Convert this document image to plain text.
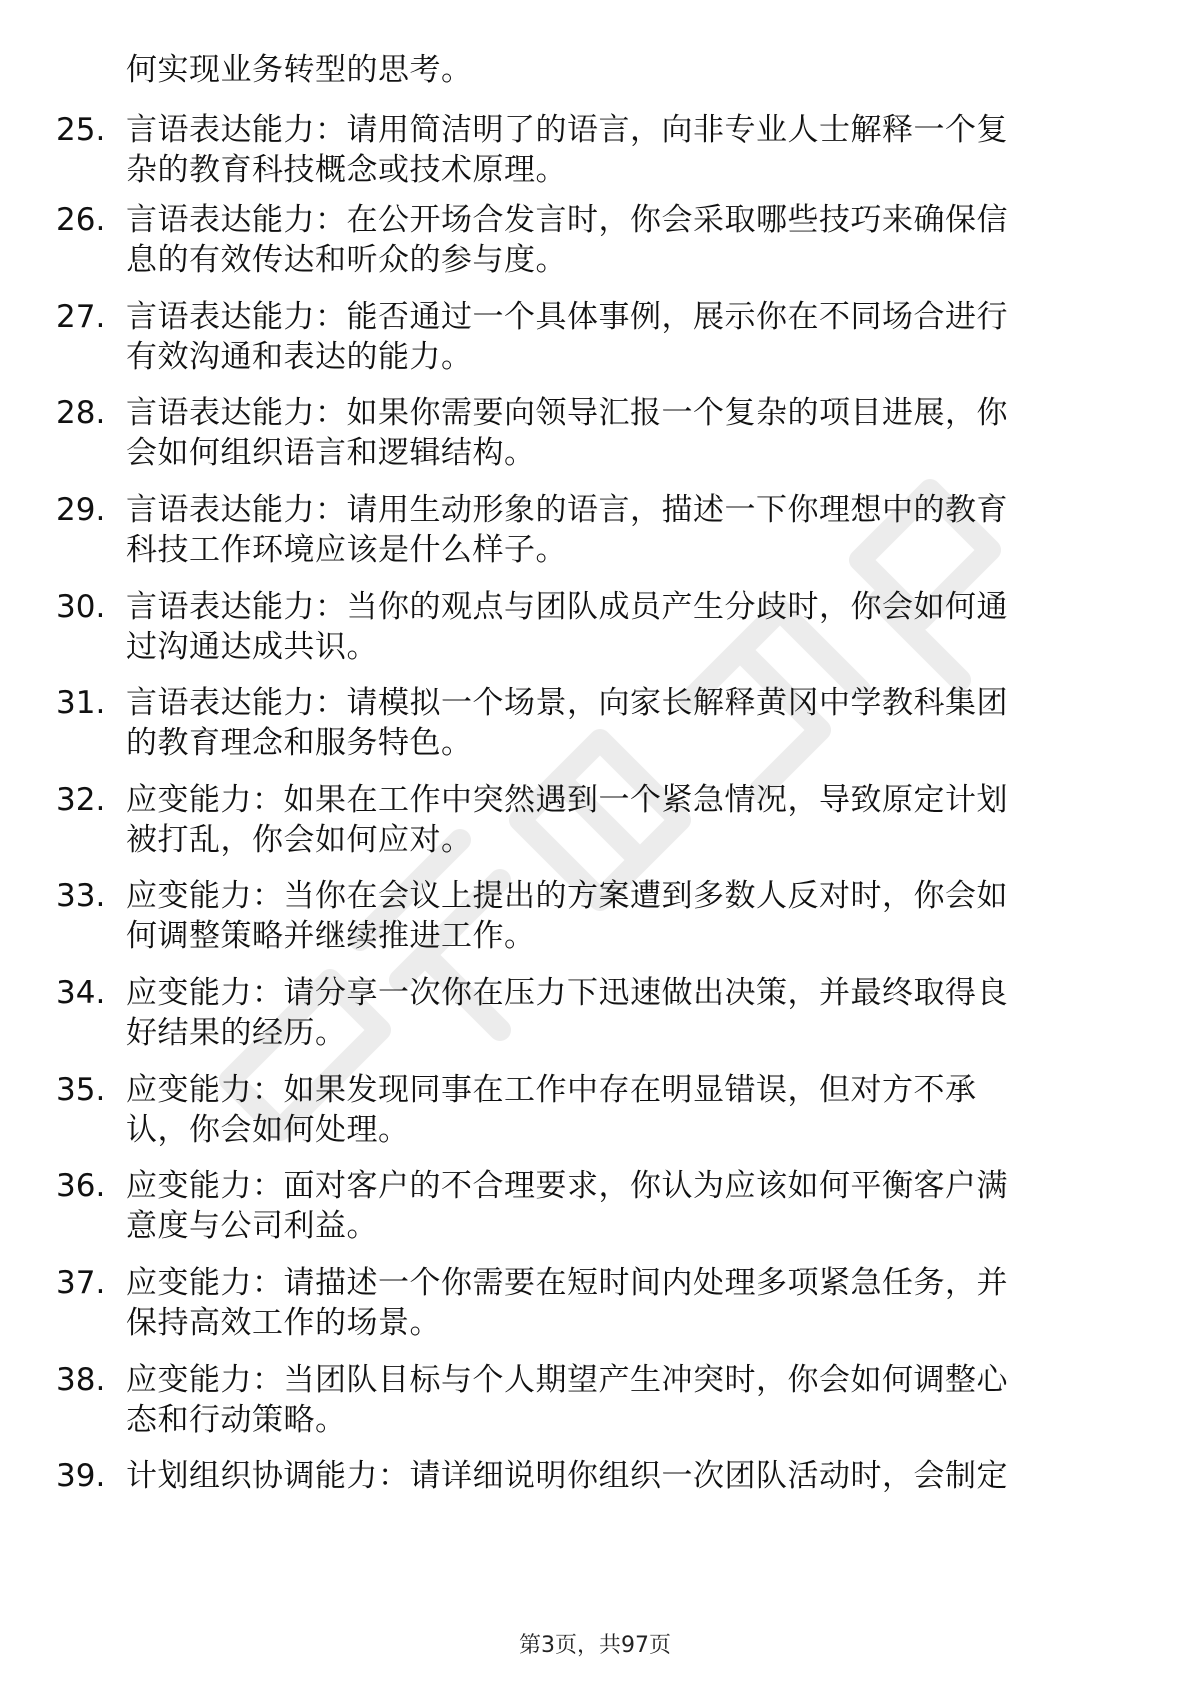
何实现业务转型的思考。
25. 言语表达能力：请用简洁明了的语言，向非专业人士解释一个复
杂的教育科技概念或技术原理。
26. 言语表达能力：在公开场合发言时，你会采取哪些技巧来确保信
息的有效传达和听众的参与度。
27. 言语表达能力：能否通过一个具体事例，展示你在不同场合进行
有效沟通和表达的能力。
28. 言语表达能力：如果你需要向领导汇报一个复杂的项目进展，你
会如何组织语言和逻辑结构。
29. 言语表达能力：请用生动形象的语言，描述一下你理想中的教育
科技工作环境应该是什么样子。
30. 言语表达能力：当你的观点与团队成员产生分歧时，你会如何通
过沟通达成共识。
31. 言语表达能力：请模拟一个场景，向家长解释黄冈中学教科集团
的教育理念和服务特色。
32. 应变能力：如果在工作中突然遇到一个紧急情况，导致原定计划
被打乱，你会如何应对。
33. 应变能力：当你在会议上提出的方案遭到多数人反对时，你会如
何调整策略并继续推进工作。
34. 应变能力：请分享一次你在压力下迅速做出决策，并最终取得良
好结果的经历。
35. 应变能力：如果发现同事在工作中存在明显错误，但对方不承
认，你会如何处理。
36. 应变能力：面对客户的不合理要求，你认为应该如何平衡客户满
意度与公司利益。
37. 应变能力：请描述一个你需要在短时间内处理多项紧急任务，并
保持高效工作的场景。
38. 应变能力：当团队目标与个人期望产生冲突时，你会如何调整心
态和行动策略。
39. 计划组织协调能力：请详细说明你组织一次团队活动时，会制定
第3页，共97页
